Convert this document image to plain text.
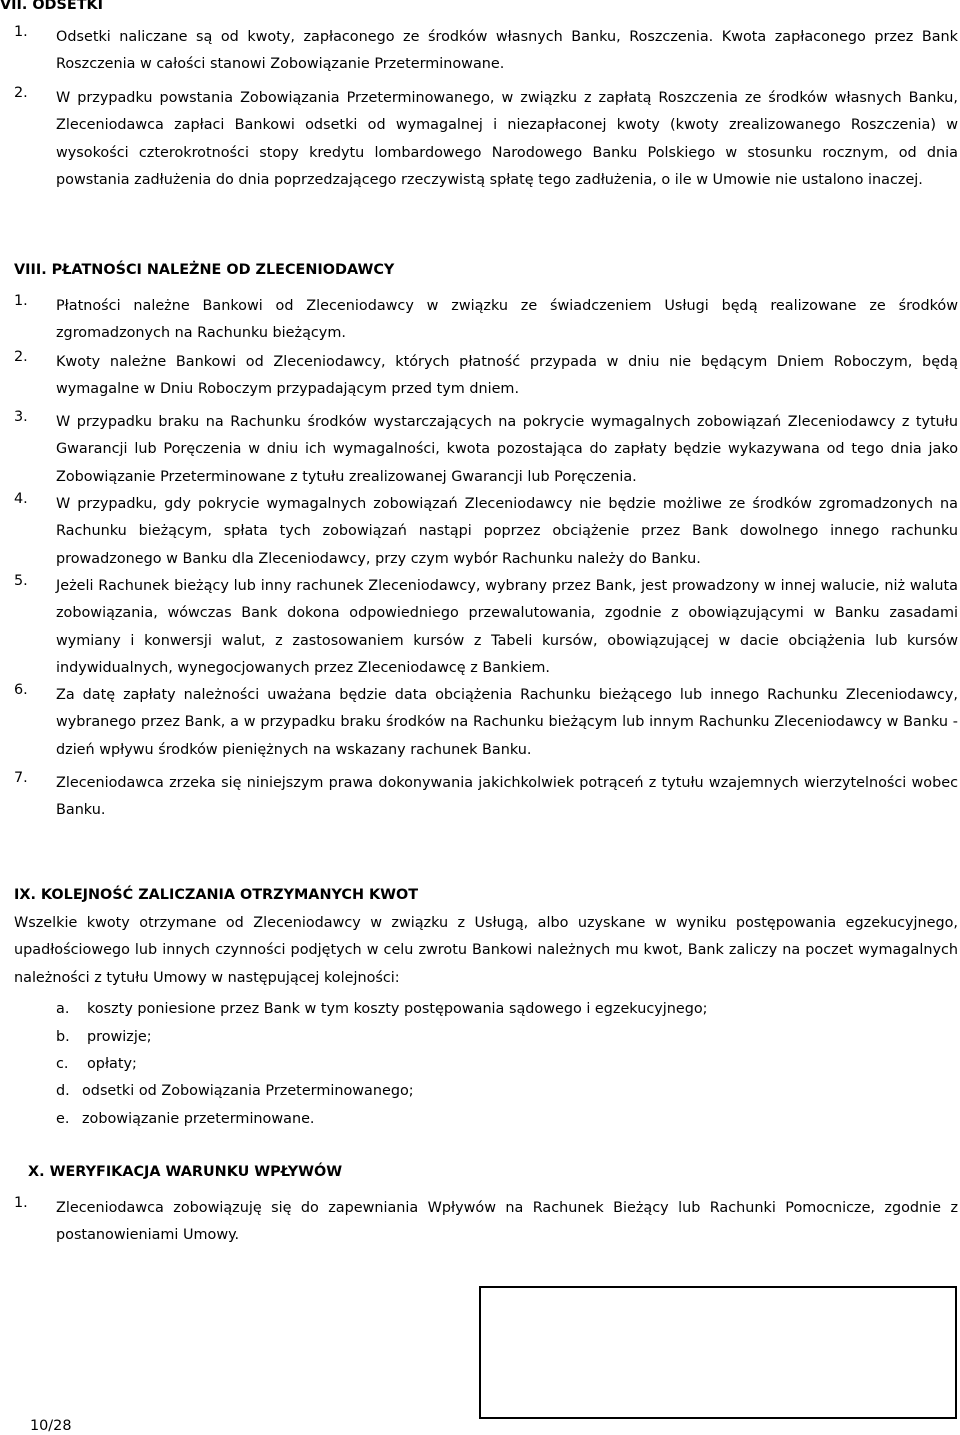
VII. ODSETKI
1. Odsetki naliczane są od kwoty, zapłaconego ze środków własnych Banku, Roszczenia. Kwota zapłaconego przez Bank Roszczenia w całości stanowi Zobowiązanie Przeterminowane.
2. W przypadku powstania Zobowiązania Przeterminowanego, w związku z zapłatą Roszczenia ze środków własnych Banku, Zleceniodawca zapłaci Bankowi odsetki od wymagalnej i niezapłaconej kwoty (kwoty zrealizowanego Roszczenia) w wysokości czterokrotności stopy kredytu lombardowego Narodowego Banku Polskiego w stosunku rocznym, od dnia powstania zadłużenia do dnia poprzedzającego rzeczywistą spłatę tego zadłużenia, o ile w Umowie nie ustalono inaczej.
VIII. PŁATNOŚCI NALEŻNE OD ZLECENIODAWCY
1. Płatności należne Bankowi od Zleceniodawcy w związku ze świadczeniem Usługi będą realizowane ze środków zgromadzonych na Rachunku bieżącym.
2. Kwoty należne Bankowi od Zleceniodawcy, których płatność przypada w dniu nie będącym Dniem Roboczym, będą wymagalne w Dniu Roboczym przypadającym przed tym dniem.
3. W przypadku braku na Rachunku środków wystarczających na pokrycie wymagalnych zobowiązań Zleceniodawcy z tytułu Gwarancji lub Poręczenia w dniu ich wymagalności, kwota pozostająca do zapłaty będzie wykazywana od tego dnia jako Zobowiązanie Przeterminowane z tytułu zrealizowanej Gwarancji lub Poręczenia.
4. W przypadku, gdy pokrycie wymagalnych zobowiązań Zleceniodawcy nie będzie możliwe ze środków zgromadzonych na Rachunku bieżącym, spłata tych zobowiązań nastąpi poprzez obciążenie przez Bank dowolnego innego rachunku prowadzonego w Banku dla Zleceniodawcy, przy czym wybór Rachunku należy do Banku.
5. Jeżeli Rachunek bieżący lub inny rachunek Zleceniodawcy, wybrany przez Bank, jest prowadzony w innej walucie, niż waluta zobowiązania, wówczas Bank dokona odpowiedniego przewalutowania, zgodnie z obowiązującymi w Banku zasadami wymiany i konwersji walut, z zastosowaniem kursów z Tabeli kursów, obowiązującej w dacie obciążenia lub kursów indywidualnych, wynegocjowanych przez Zleceniodawcę z Bankiem.
6. Za datę zapłaty należności uważana będzie data obciążenia Rachunku bieżącego lub innego Rachunku Zleceniodawcy, wybranego przez Bank, a w przypadku braku środków na Rachunku bieżącym lub innym Rachunku Zleceniodawcy w Banku - dzień wpływu środków pieniężnych na wskazany rachunek Banku.
7. Zleceniodawca zrzeka się niniejszym prawa dokonywania jakichkolwiek potrąceń z tytułu wzajemnych wierzytelności wobec Banku.
IX. KOLEJNOŚĆ ZALICZANIA OTRZYMANYCH KWOT
Wszelkie kwoty otrzymane od Zleceniodawcy w związku z Usługą, albo uzyskane w wyniku postępowania egzekucyjnego, upadłościowego lub innych czynności podjętych w celu zwrotu Bankowi należnych mu kwot, Bank zaliczy na poczet wymagalnych należności z tytułu Umowy w następującej kolejności:
a. koszty poniesione przez Bank w tym koszty postępowania sądowego i egzekucyjnego;
b. prowizje;
c. opłaty;
d. odsetki od Zobowiązania Przeterminowanego;
e. zobowiązanie przeterminowane.
X. WERYFIKACJA WARUNKU WPŁYWÓW
1. Zleceniodawca zobowiązuję się do zapewniania Wpływów na Rachunek Bieżący lub Rachunki Pomocnicze, zgodnie z postanowieniami Umowy.
10/28
